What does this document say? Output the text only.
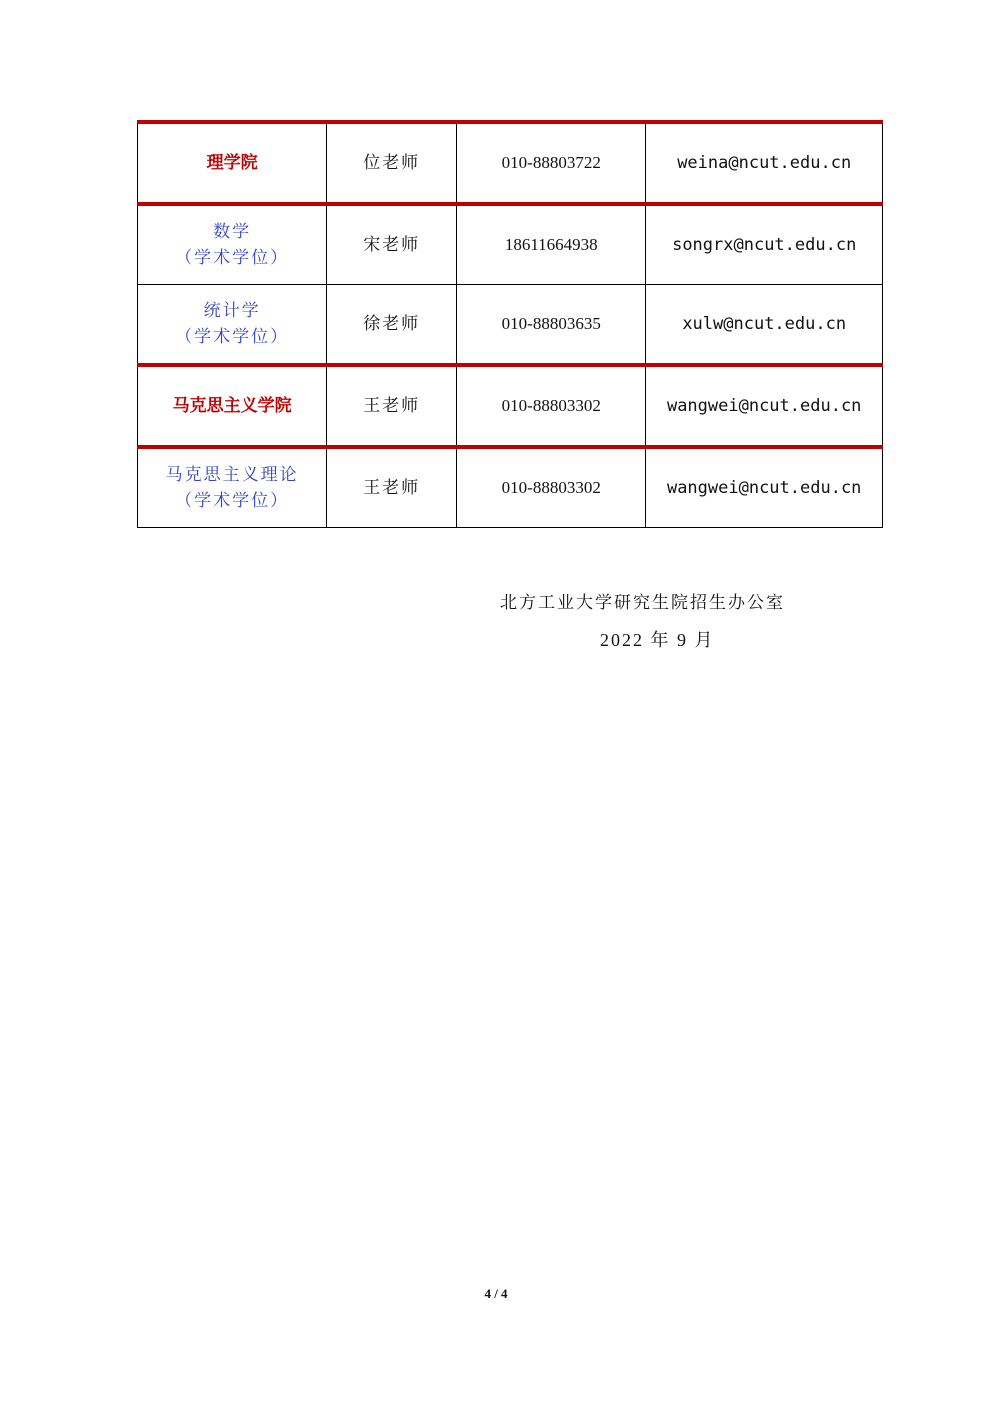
理学院	位老师	010-88803722	weina@ncut.edu.cn

数学
（学术学位）	宋老师	18611664938	songrx@ncut.edu.cn

统计学
（学术学位）	徐老师	010-88803635	xulw@ncut.edu.cn
马克思主义学院	王老师	010-88803302	wangwei@ncut.edu.cn

马克思主义理论
（学术学位）	王老师	010-88803302	wangwei@ncut.edu.cn
北方工业大学研究生院招生办公室
2022 年 9 月
4 / 4
